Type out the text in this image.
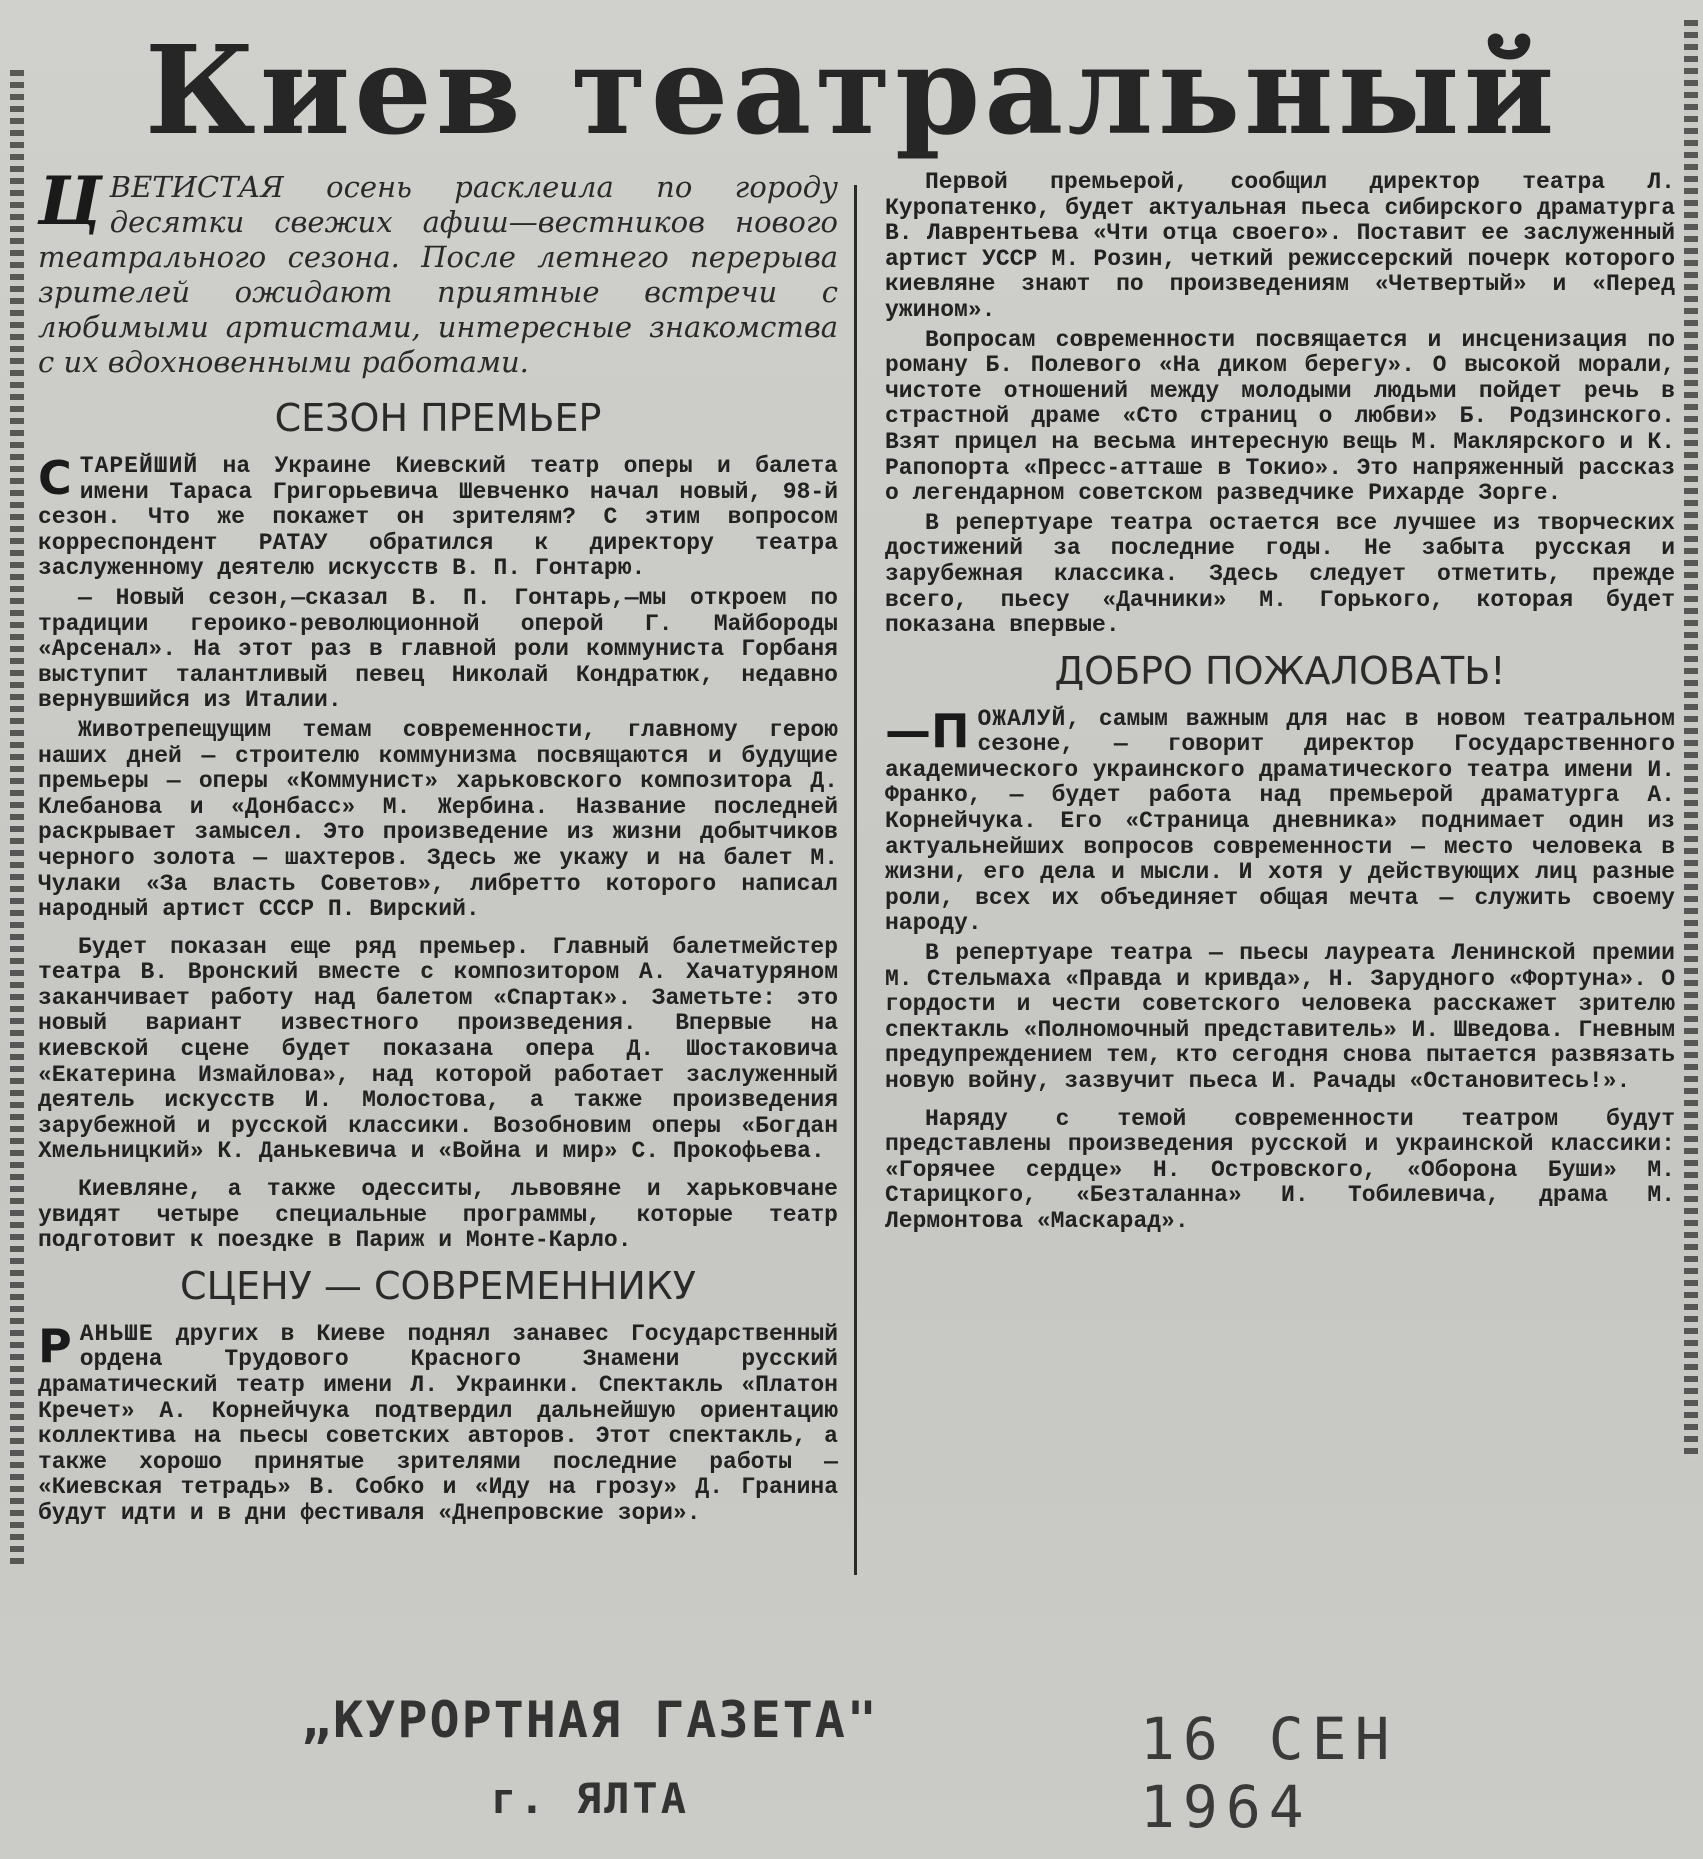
Киев театральный
ЦВЕТИСТАЯ осень расклеила по городу десятки свежих афиш—вестников нового театрального сезона. После летнего перерыва зрителей ожидают приятные встречи с любимыми артистами, интересные знакомства с их вдохновенными работами.
СЕЗОН ПРЕМЬЕР

СТАРЕЙШИЙ на Украине Киевский театр оперы и балета имени Тараса Григорьевича Шевченко начал новый, 98-й сезон. Что же покажет он зрителям? С этим вопросом корреспондент РАТАУ обратился к директору театра заслуженному деятелю искусств В. П. Гонтарю.

— Новый сезон,—сказал В. П. Гонтарь,—мы откроем по традиции героико-революционной оперой Г. Майбороды «Арсенал». На этот раз в главной роли коммуниста Горбаня выступит талантливый певец Николай Кондратюк, недавно вернувшийся из Италии.

Животрепещущим темам современности, главному герою наших дней — строителю коммунизма посвящаются и будущие премьеры — оперы «Коммунист» харьковского композитора Д. Клебанова и «Донбасс» М. Жербина. Название последней раскрывает замысел. Это произведение из жизни добытчиков черного золота — шахтеров. Здесь же укажу и на балет М. Чулаки «За власть Советов», либретто которого написал народный артист СССР П. Вирский.

Будет показан еще ряд премьер. Главный балетмейстер театра В. Вронский вместе с композитором А. Хачатуряном заканчивает работу над балетом «Спартак». Заметьте: это новый вариант известного произведения. Впервые на киевской сцене будет показана опера Д. Шостаковича «Екатерина Измайлова», над которой работает заслуженный деятель искусств И. Молостова, а также произведения зарубежной и русской классики. Возобновим оперы «Богдан Хмельницкий» К. Данькевича и «Война и мир» С. Прокофьева.

Киевляне, а также одесситы, львовяне и харьковчане увидят четыре специальные программы, которые театр подготовит к поездке в Париж и Монте-Карло.

СЦЕНУ — СОВРЕМЕННИКУ

РАНЬШЕ других в Киеве поднял занавес Государственный ордена Трудового Красного Знамени русский драматический театр имени Л. Украинки. Спектакль «Платон Кречет» А. Корнейчука подтвердил дальнейшую ориентацию коллектива на пьесы советских авторов. Этот спектакль, а также хорошо принятые зрителями последние работы — «Киевская тетрадь» В. Собко и «Иду на грозу» Д. Гранина будут идти и в дни фестиваля «Днепровские зори».

Первой премьерой, сообщил директор театра Л. Куропатенко, будет актуальная пьеса сибирского драматурга В. Лаврентьева «Чти отца своего». Поставит ее заслуженный артист УССР М. Розин, четкий режиссерский почерк которого киевляне знают по произведениям «Четвертый» и «Перед ужином».

Вопросам современности посвящается и инсценизация по роману Б. Полевого «На диком берегу». О высокой морали, чистоте отношений между молодыми людьми пойдет речь в страстной драме «Сто страниц о любви» Б. Родзинского. Взят прицел на весьма интересную вещь М. Маклярского и К. Рапопорта «Пресс-атташе в Токио». Это напряженный рассказ о легендарном советском разведчике Рихарде Зорге.

В репертуаре театра остается все лучшее из творческих достижений за последние годы. Не забыта русская и зарубежная классика. Здесь следует отметить, прежде всего, пьесу «Дачники» М. Горького, которая будет показана впервые.

ДОБРО ПОЖАЛОВАТЬ!

—П ОЖАЛУЙ, самым важным для нас в новом театральном сезоне, — говорит директор Государственного академического украинского драматического театра имени И. Франко, — будет работа над премьерой драматурга А. Корнейчука. Его «Страница дневника» поднимает один из актуальнейших вопросов современности — место человека в жизни, его дела и мысли. И хотя у действующих лиц разные роли, всех их объединяет общая мечта — служить своему народу.

В репертуаре театра — пьесы лауреата Ленинской премии М. Стельмаха «Правда и кривда», Н. Зарудного «Фортуна». О гордости и чести советского человека расскажет зрителю спектакль «Полномочный представитель» И. Шведова. Гневным предупреждением тем, кто сегодня снова пытается развязать новую войну, зазвучит пьеса И. Рачады «Остановитесь!».

Наряду с темой современности театром будут представлены произведения русской и украинской классики: «Горячее сердце» Н. Островского, «Оборона Буши» М. Старицкого, «Безталанна» И. Тобилевича, драма М. Лермонтова «Маскарад».

„КУРОРТНАЯ ГАЗЕТА"
г. ЯЛТА
16 СЕН 1964
